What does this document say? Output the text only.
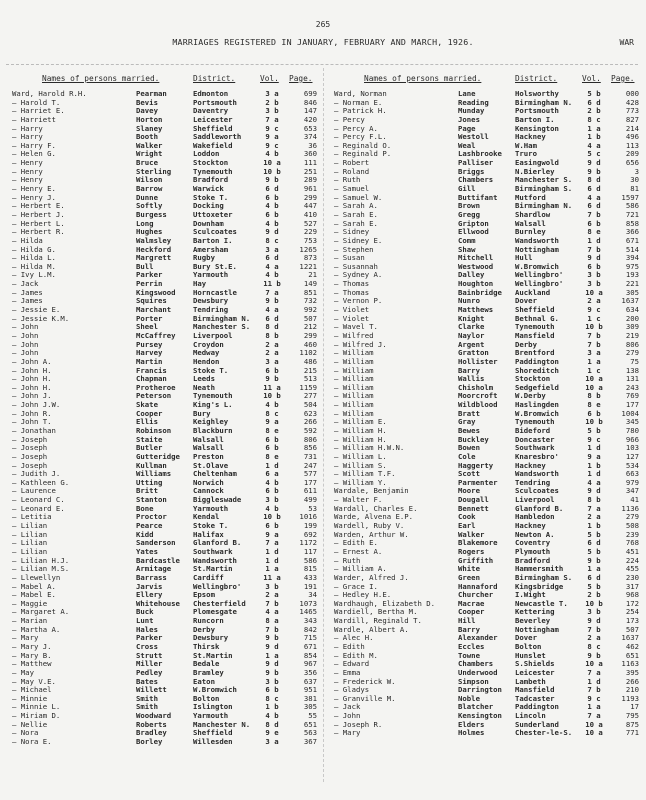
265
MARRIAGES REGISTERED IN JANUARY, FEBRUARY AND MARCH, 1926.	WAR
Names of persons married.	District.	Vol. Page.
Ward, Harold R.H.	Pearman	Edmonton	3 a	699
— Harold T.	Bevis	Portsmouth	2 b	846
— Harriet E.	Davey	Daventry	3 b	147
— Harriett	Horton	Leicester	7 a	420
— Harry	Slaney	Sheffield	9 c	653
— Harry	Booth	Saddleworth	9 a	374
— Harry F.	Walker	Wakefield	9 c	36
— Helen G.	Wright	Loddon	4 b	360
— Henry	Bruce	Stockton	10 a	111
— Henry	Sterling	Tynemouth	10 b	251
— Henry	Wilson	Bradford	9 b	289
— Henry E.	Barrow	Warwick	6 d	961
— Henry J.	Dunne	Stoke T.	6 b	299
— Herbert E.	Softly	Docking	4 b	447
— Herbert J.	Burgess	Uttoxeter	6 b	410
— Herbert L.	Long	Downham	4 b	527
— Herbert R.	Hughes	Sculcoates	9 d	229
— Hilda	Walmsley	Barton I.	8 c	753
— Hilda G.	Heckford	Amersham	3 a	1265
— Hilda L.	Margrett	Rugby	6 d	873
— Hilda M.	Bull	Bury St.E.	4 a	1221
— Ivy L.M.	Parker	Yarmouth	4 b	21
— Jack	Perrin	Hay	11 b	149
— James	Kingswood Horncastle	7 a	851
— James	Squires	Dewsbury	9 b	732
— Jessie E.	Marchant	Tendring	4 a	992
— Jessie K.M.	Porter	Birmingham N.	6 d	507
— John	Sheel	Manchester S.	8 d	212
— John	McCaffrey Liverpool	8 b	299
— John	Pursey	Croydon	2 a	460
— John	Harvey	Medway	2 a	1102
— John A.	Martin	Hendon	3 a	486
— John H.	Francis	Stoke T.	6 b	215
— John H.	Chapman	Leeds	9 b	513
— John H.	Protheroe Neath	11 a	1159
— John J.	Peterson	Tynemouth	10 b	277
— John J.W.	Skate	King's L.	4 b	504
— John R.	Cooper	Bury	8 c	623
— John T.	Ellis	Keighley	9 a	266
— Jonathan	Robinson	Blackburn	8 e	592
— Joseph	Staite	Walsall	6 b	806
— Joseph	Butler	Walsall	6 b	856
— Joseph	Gutteridge Preston	8 e	731
— Joseph	Kullman	St.Olave	1 d	247
— Judith J.	Williams	Cheltenham	6 a	577
— Kathleen G.	Utting	Norwich	4 b	177
— Laurence	Britt	Cannock	6 b	611
— Leonard C.	Stanton	Biggleswade	3 b	499
— Leonard E.	Bone	Yarmouth	4 b	53
— Letitia	Proctor	Kendal	10 b	1016
— Lilian	Pearce	Stoke T.	6 b	199
— Lilian	Kidd	Halifax	9 a	692
— Lilian	Sanderson Glanford B.	7 a	1172
— Lilian	Yates	Southwark	1 d	117
— Lilian H.J.	Bardcastle Wandsworth	1 d	586
— Lilian M.S.	Armitage	St.Martin	1 a	815
— Llewellyn	Barrass	Cardiff	11 a	433
— Mabel A.	Jarvis	Wellingbro'	3 b	191
— Mabel E.	Ellery	Epsom	2 a	34
— Maggie	Whitehouse Chesterfield	7 b	1073
— Margaret A.	Buck	Plomesgate	4 a	1465
— Marian	Lunt	Runcorn	8 a	343
— Martha A.	Hales	Derby	7 b	842
— Mary	Parker	Dewsbury	9 b	715
— Mary J.	Cross	Thirsk	9 d	671
— Mary B.	Strutt	St.Martin	1 a	854
— Matthew	Miller	Bedale	9 d	967
— May	Pedley	Bramley	9 b	356
— May V.E.	Bates	Eaton	3 b	637
— Michael	Willett	W.Bromwich	6 b	951
— Minnie	Smith	Bolton	8 c	381
— Minnie L.	Smith	Islington	1 b	305
— Miriam D.	Woodward	Yarmouth	4 b	55
— Nellie	Roberts	Manchester N.	8 d	651
— Nora	Bradley	Sheffield	9 e	563
— Nora E.	Borley	Willesden	3 a	367
Names of persons married.	District.	Vol. Page.
Ward, Norman	Lane	Holsworthy	5 b	000
— Norman E.	Reading	Birmingham N.	6 d	428
— Patrick H.	Munday	Portsmouth	2 b	773
— Percy	Jones	Barton I.	8 c	827
— Percy A.	Page	Kensington	1 a	214
— Percy F.L.	Westoll	Hackney	1 b	496
— Reginald O.	Weal	W.Ham	4 a	113
— Reginald P.	Lashbrooke Truro	5 c	209
— Robert	Palliser	Easingwold	9 d	656
— Roland	Briggs	N.Bierley	9 b	3
— Ruth	Chambers	Manchester S.	8 d	30
— Samuel	Gill	Birmingham S.	6 d	81
— Samuel W.	Buttifant Mutford	4 a	1597
— Sarah A.	Brown	Birmingham N.	6 d	586
— Sarah E.	Gregg	Shardlow	7 b	721
— Sarah E.	Gripton	Walsall	6 b	858
— Sidney	Ellwood	Burnley	8 e	366
— Sidney E.	Comm	Wandsworth	1 d	671
— Stephen	Shaw	Nottingham	7 b	514
— Susan	Mitchell	Hull	9 d	394
— Susannah	Westwood	W.Bromwich	6 b	975
— Sydney A.	Dalley	Wellingbro'	3 b	193
— Thomas	Houghton	Wellingbro'	3 b	221
— Thomas	Bainbridge Auckland	10 a	305
— Vernon P.	Nunro	Dover	2 a	1637
— Violet	Matthews	Sheffield	9 c	634
— Violet	Knight	Bethnal G.	1 c	200
— Wavel T.	Clarke	Tynemouth	10 b	309
— Wilfred	Naylor	Mansfield	7 b	219
— Wilfred J.	Argent	Derby	7 b	806
— William	Gratton	Brentford	3 a	279
— William	Hollister Paddington	1 a	75
— William	Barry	Shoreditch	1 c	138
— William	Wallis	Stockton	10 a	131
— William	Chisholm	Sedgefield	10 a	243
— William	Moorcroft W.Derby	8 b	769
— William	Wildblood Haslingden	8 e	177
— William	Bratt	W.Bromwich	6 b	1004
— William E.	Gray	Tynemouth	10 b	345
— William H.	Bewes	Bideford	5 b	780
— William H.	Buckley	Doncaster	9 c	966
— William H.W.N.	Bowen	Southwark	1 d	103
— William L.	Cole	Knaresbro'	9 a	127
— William S.	Haggerty	Hackney	1 b	534
— William T.F.	Scott	Wandsworth	1 d	663
— William Y.	Parmenter Tendring	4 a	979
Wardale, Benjamin	Moore	Sculcoates	9 d	347
— Walter F.	Dougall	Liverpool	8 b	41
Wardall, Charles E.	Bennett	Glanford B.	7 a	1136
Warde, Alvena E.P.	Cook	Hambledon	2 a	279
Wardell, Ruby V.	Earl	Hackney	1 b	508
Warden, Arthur W.	Walker	Newton A.	5 b	239
— Edith E.	Blakemore Coventry	6 d	768
— Ernest A.	Rogers	Plymouth	5 b	451
— Ruth	Griffith	Bradford	9 b	224
— William A.	White	Hammersmith	1 a	455
Warder, Alfred J.	Green	Birmingham S.	6 d	230
— Grace I.	Hannaford Kingsbridge	5 b	317
— Hedley H.E.	Churcher	I.Wight	2 b	968
Wardhaugh, Elizabeth D.	Macrae	Newcastle T.	10 b	172
Wardiell, Bertha M.	Cooper	Kettering	3 b	254
Wardill, Reginald T.	Hill	Beverley	9 d	173
Wardle, Albert A.	Barry	Nottingham	7 b	507
— Alec H.	Alexander Dover	2 a	1637
— Edith	Eccles	Bolton	8 c	462
— Edith M.	Towne	Hunslet	9 b	651
— Edward	Chambers	S.Shields	10 a	1163
— Emma	Underwood Leicester	7 a	395
— Frederick W.	Simpson	Lambeth	1 d	266
— Gladys	Darrington Mansfield	7 b	210
— Granville M.	Noble	Tadcaster	9 c	1193
— Jack	Blatcher	Paddington	1 a	17
— John	Kensington Lincoln	7 a	795
— Joseph R.	Elders	Sunderland	10 a	875
— Mary	Holmes	Chester-le-S.	10 a	771
